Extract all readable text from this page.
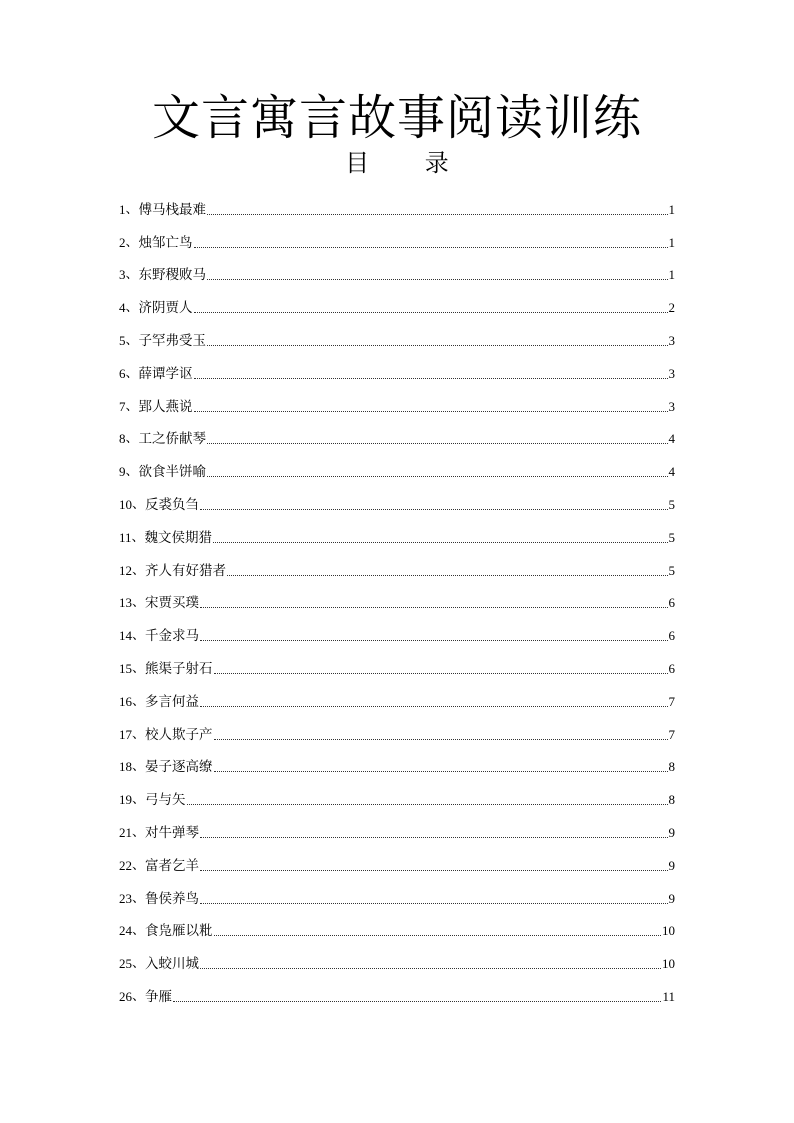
文言寓言故事阅读训练
目 录
1 、 傅马栈最难	1
2 、 烛邹亡鸟	1
3 、 东野稷败马	1
4 、 济阴贾人	2
5 、 子罕弗受玉	3
6 、 薛谭学讴	3
7 、 郢人燕说	3
8 、 工之侨献琴	4
9 、 欲食半饼喻	4
10 、 反裘负刍	5
11 、 魏文侯期猎	5
12 、 齐人有好猎者	5
13 、 宋贾买璞	6
14 、 千金求马	6
15 、 熊渠子射石	6
16 、 多言何益	7
17 、 校人欺子产	7
18 、 晏子逐高缭	8
19 、 弓与矢	8
21 、 对牛弹琴	9
22 、 富者乞羊	9
23 、 鲁侯养鸟	9
24 、 食凫雁以粃	10
25 、 入蛟川城	10
26 、 争雁	11
